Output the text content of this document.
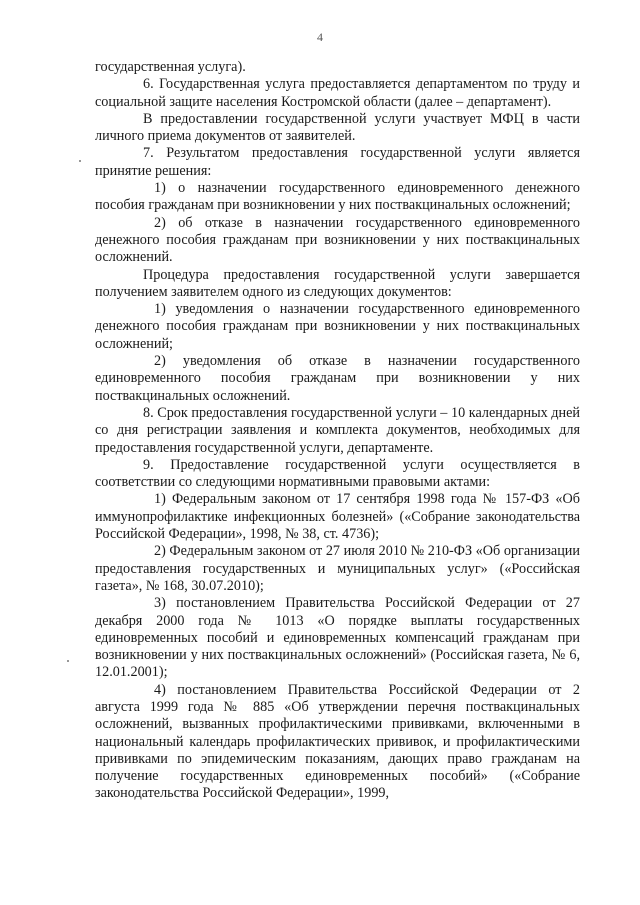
4

государственная услуга).

6. Государственная услуга предоставляется департаментом по труду и социальной защите населения Костромской области (далее – департамент).

В предоставлении государственной услуги участвует МФЦ в части личного приема документов от заявителей.

7. Результатом предоставления государственной услуги является принятие решения:

1) о назначении государственного единовременного денежного пособия гражданам при возникновении у них поствакцинальных осложнений;

2) об отказе в назначении государственного единовременного денежного пособия гражданам при возникновении у них поствакцинальных осложнений.

Процедура предоставления государственной услуги завершается получением заявителем одного из следующих документов:

1) уведомления о назначении государственного единовременного денежного пособия гражданам при возникновении у них поствакцинальных осложнений;

2) уведомления об отказе в назначении государственного единовременного пособия гражданам при возникновении у них поствакцинальных осложнений.

8. Срок предоставления государственной услуги – 10 календарных дней со дня регистрации заявления и комплекта документов, необходимых для предоставления государственной услуги, департаменте.

9. Предоставление государственной услуги осуществляется в соответствии со следующими нормативными правовыми актами:

1) Федеральным законом от 17 сентября 1998 года № 157-ФЗ «Об иммунопрофилактике инфекционных болезней» («Собрание законодательства Российской Федерации», 1998, № 38, ст. 4736);

2) Федеральным законом от 27 июля 2010 № 210-ФЗ «Об организации предоставления государственных и муниципальных услуг» («Российская газета», № 168, 30.07.2010);

3) постановлением Правительства Российской Федерации от 27 декабря 2000 года № 1013 «О порядке выплаты государственных единовременных пособий и единовременных компенсаций гражданам при возникновении у них поствакцинальных осложнений» (Российская газета, № 6, 12.01.2001);

4) постановлением Правительства Российской Федерации от 2 августа 1999 года № 885 «Об утверждении перечня поствакцинальных осложнений, вызванных профилактическими прививками, включенными в национальный календарь профилактических прививок, и профилактическими прививками по эпидемическим показаниям, дающих право гражданам на получение государственных единовременных пособий» («Собрание законодательства Российской Федерации», 1999,
